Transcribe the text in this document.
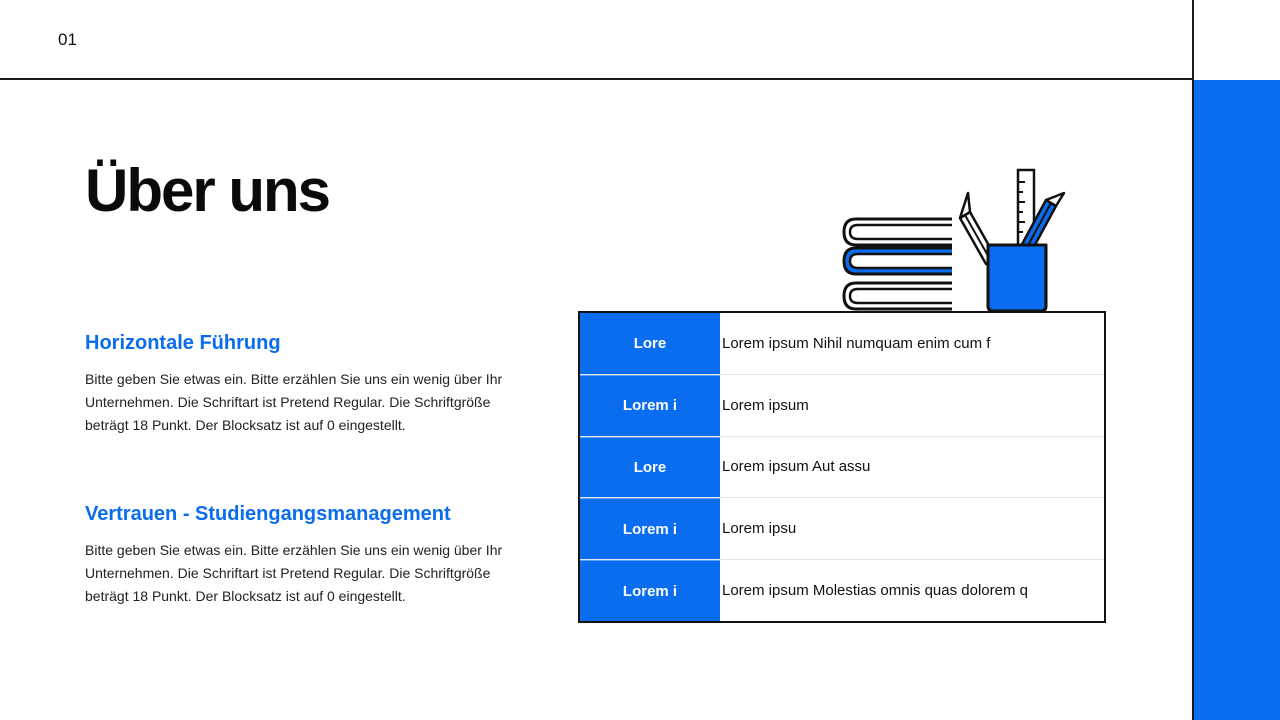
01
Über uns
Horizontale Führung

Bitte geben Sie etwas ein. Bitte erzählen Sie uns ein wenig über Ihr Unternehmen. Die Schriftart ist Pretend Regular. Die Schriftgröße beträgt 18 Punkt. Der Blocksatz ist auf 0 eingestellt.

Vertrauen - Studiengangsmanagement

Bitte geben Sie etwas ein. Bitte erzählen Sie uns ein wenig über Ihr Unternehmen. Die Schriftart ist Pretend Regular. Die Schriftgröße beträgt 18 Punkt. Der Blocksatz ist auf 0 eingestellt.

Lore	Lorem ipsum Nihil numquam enim cum f
Lorem i	Lorem ipsum
Lore	Lorem ipsum Aut assu
Lorem i	Lorem ipsu
Lorem i	Lorem ipsum Molestias omnis quas dolorem q
